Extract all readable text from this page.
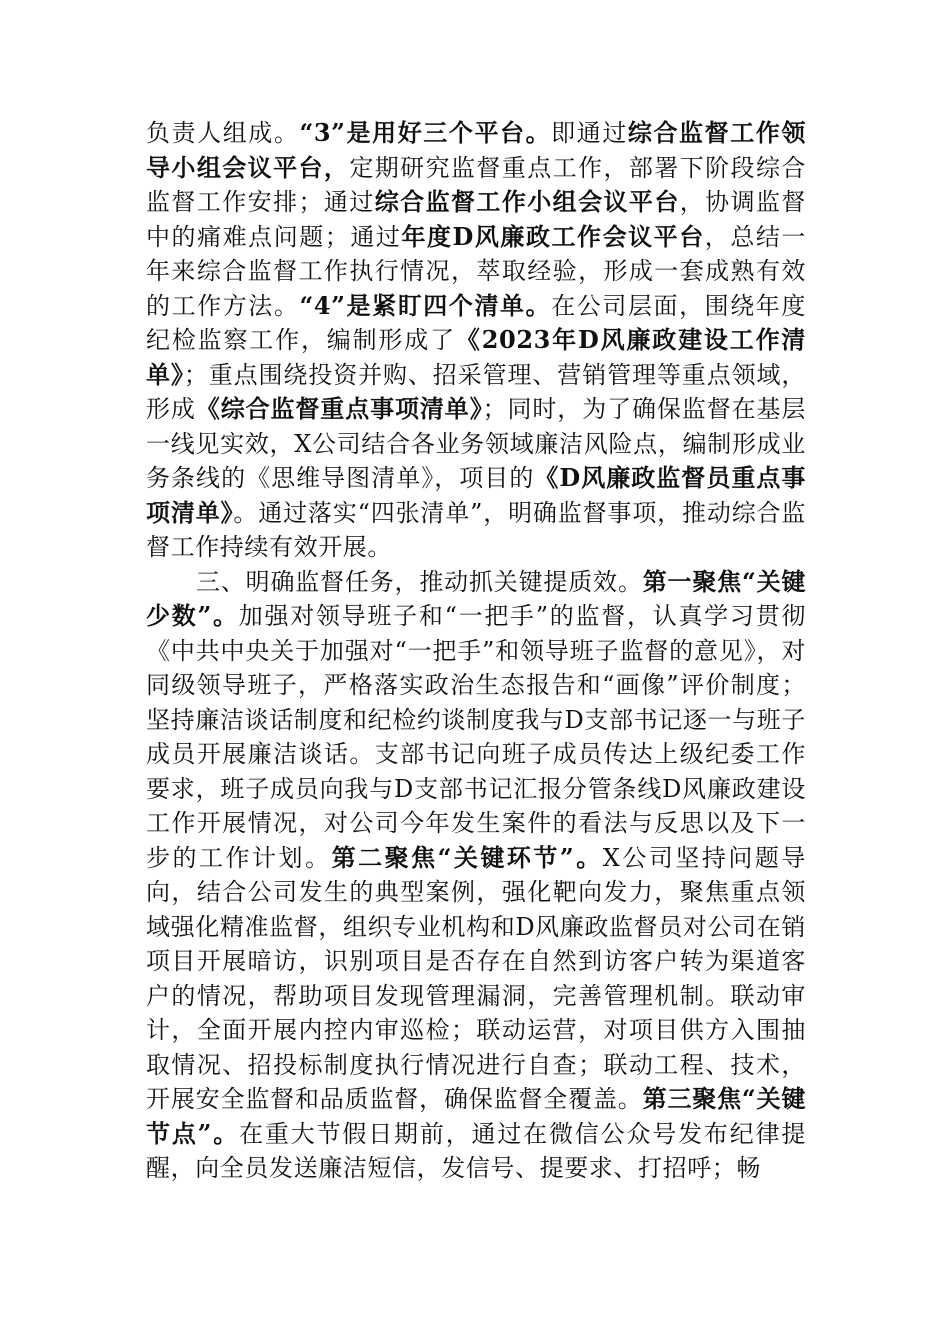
负责人组成。“3”是用好三个平台。即通过综合监督工作领导小组会议平台，定期研究监督重点工作，部署下阶段综合监督工作安排；通过综合监督工作小组会议平台，协调监督中的痛难点问题；通过年度D风廉政工作会议平台，总结一年来综合监督工作执行情况，萃取经验，形成一套成熟有效的工作方法。“4”是紧盯四个清单。在公司层面，围绕年度纪检监察工作，编制形成了《2023年D风廉政建设工作清单》；重点围绕投资并购、招采管理、营销管理等重点领域，形成《综合监督重点事项清单》；同时，为了确保监督在基层一线见实效，X公司结合各业务领域廉洁风险点，编制形成业务条线的《思维导图清单》，项目的《D风廉政监督员重点事项清单》。通过落实“四张清单”，明确监督事项，推动综合监督工作持续有效开展。

三、明确监督任务，推动抓关键提质效。第一聚焦“关键少数”。加强对领导班子和“一把手”的监督，认真学习贯彻《中共中央关于加强对“一把手”和领导班子监督的意见》，对同级领导班子，严格落实政治生态报告和“画像”评价制度；坚持廉洁谈话制度和纪检约谈制度我与D支部书记逐一与班子成员开展廉洁谈话。支部书记向班子成员传达上级纪委工作要求，班子成员向我与D支部书记汇报分管条线D风廉政建设工作开展情况，对公司今年发生案件的看法与反思以及下一步的工作计划。第二聚焦“关键环节”。X公司坚持问题导向，结合公司发生的典型案例，强化靶向发力，聚焦重点领域强化精准监督，组织专业机构和D风廉政监督员对公司在销项目开展暗访，识别项目是否存在自然到访客户转为渠道客户的情况，帮助项目发现管理漏洞，完善管理机制。联动审计，全面开展内控内审巡检；联动运营，对项目供方入围抽取情况、招投标制度执行情况进行自查；联动工程、技术，开展安全监督和品质监督，确保监督全覆盖。第三聚焦“关键节点”。在重大节假日期前，通过在微信公众号发布纪律提醒，向全员发送廉洁短信，发信号、提要求、打招呼；畅
